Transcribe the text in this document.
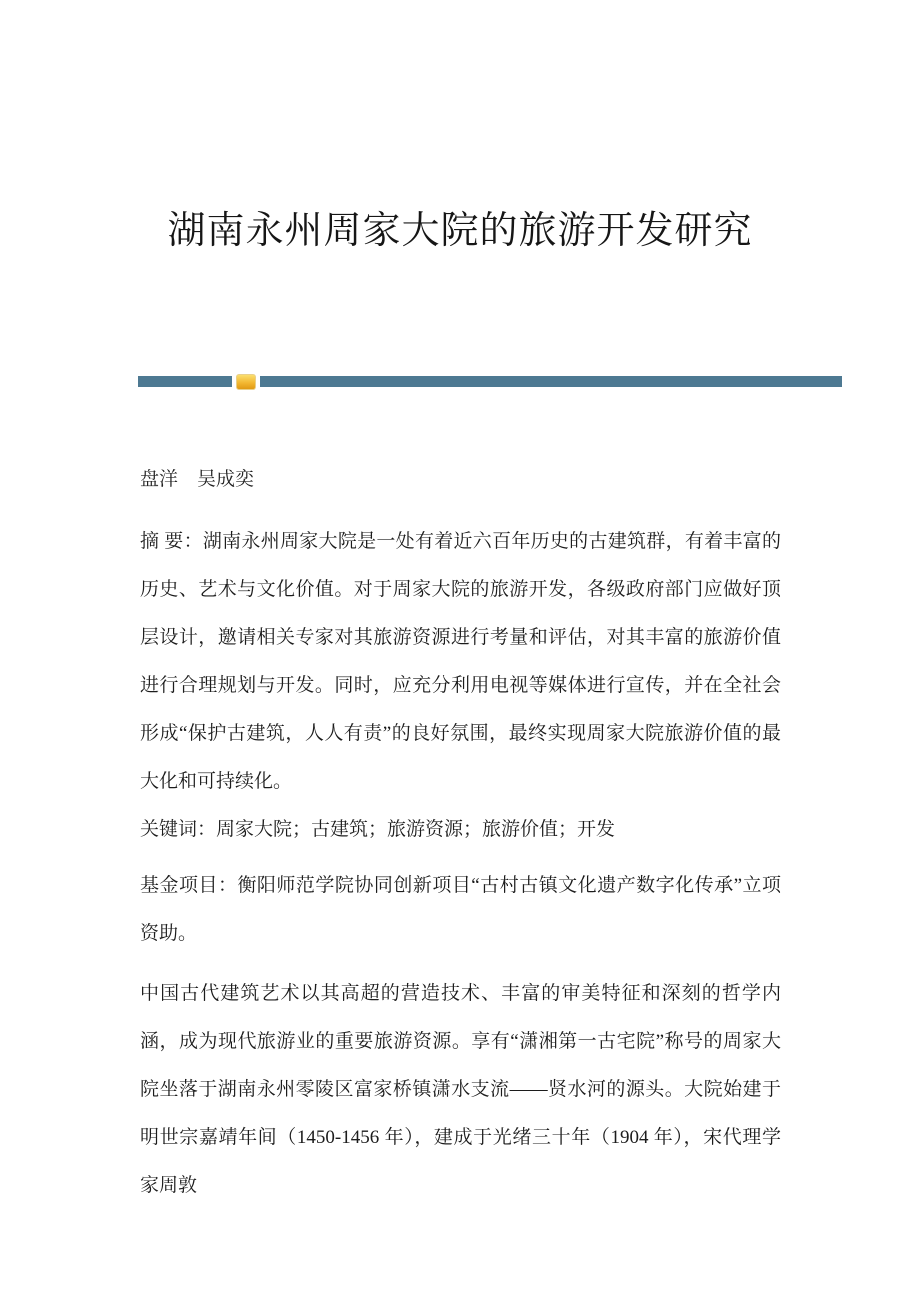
湖南永州周家大院的旅游开发研究

盘洋　吴成奕

摘 要：湖南永州周家大院是一处有着近六百年历史的古建筑群，有着丰富的历史、艺术与文化价值。对于周家大院的旅游开发，各级政府部门应做好顶层设计，邀请相关专家对其旅游资源进行考量和评估，对其丰富的旅游价值进行合理规划与开发。同时，应充分利用电视等媒体进行宣传，并在全社会形成“保护古建筑，人人有责”的良好氛围，最终实现周家大院旅游价值的最大化和可持续化。

关键词：周家大院；古建筑；旅游资源；旅游价值；开发

基金项目：衡阳师范学院协同创新项目“古村古镇文化遗产数字化传承”立项资助。

中国古代建筑艺术以其高超的营造技术、丰富的审美特征和深刻的哲学内涵，成为现代旅游业的重要旅游资源。享有“潇湘第一古宅院”称号的周家大院坐落于湖南永州零陵区富家桥镇潇水支流——贤水河的源头。大院始建于明世宗嘉靖年间（1450-1456 年），建成于光绪三十年（1904 年），宋代理学家周敦
